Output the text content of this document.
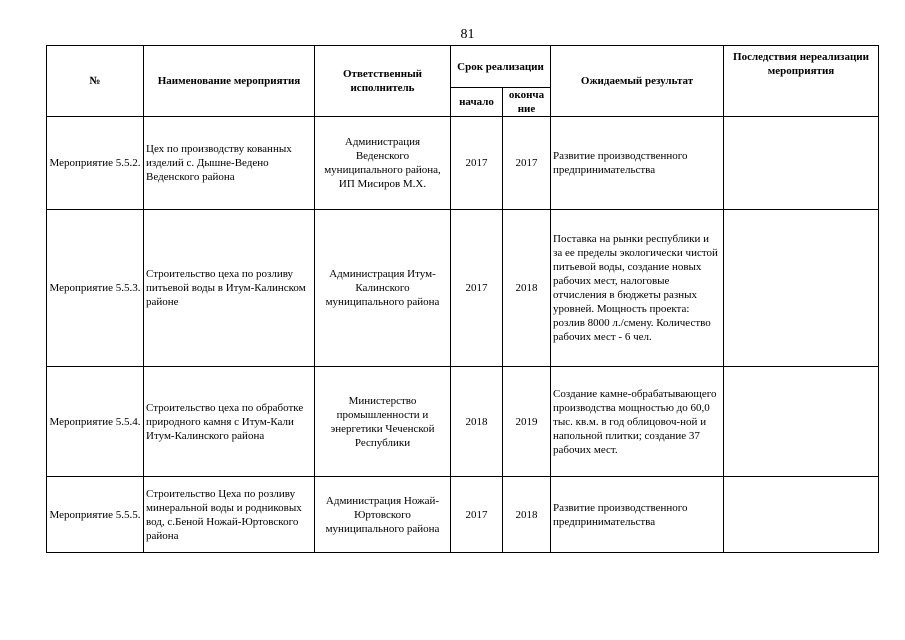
81
№	Наименование мероприятия	Ответственный исполнитель	Срок реализации		Ожидаемый результат	Последствия нереализации мероприятия
			начало	оконча ние		
Мероприятие 5.5.2.	Цех по производству кованных изделий с. Дышне-Ведено Веденского района	Администрация Веденского муниципального района, ИП Мисиров М.Х.	2017	2017	Развитие производственного предпринимательства	
Мероприятие 5.5.3.	Строительство цеха по розливу питьевой воды в Итум-Калинском районе	Администрация Итум-Калинского муниципального района	2017	2018	Поставка на рынки республики и за ее пределы экологически чистой питьевой воды, создание новых рабочих мест, налоговые отчисления в бюджеты разных уровней. Мощность проекта: розлив 8000 л./смену. Количество рабочих мест - 6 чел.	
Мероприятие 5.5.4.	Строительство цеха по обработке природного камня с Итум-Кали Итум-Калинского района	Министерство промышленности и энергетики Чеченской Республики	2018	2019	Создание камне-обрабатывающего производства мощностью до 60,0 тыс. кв.м. в год облицовоч-ной и напольной плитки; создание 37 рабочих мест.	
Мероприятие 5.5.5.	Строительство Цеха по розливу минеральной воды и родниковых вод, с.Беной Ножай-Юртовского района	Администрация Ножай-Юртовского муниципального района	2017	2018	Развитие производственного предпринимательства	
